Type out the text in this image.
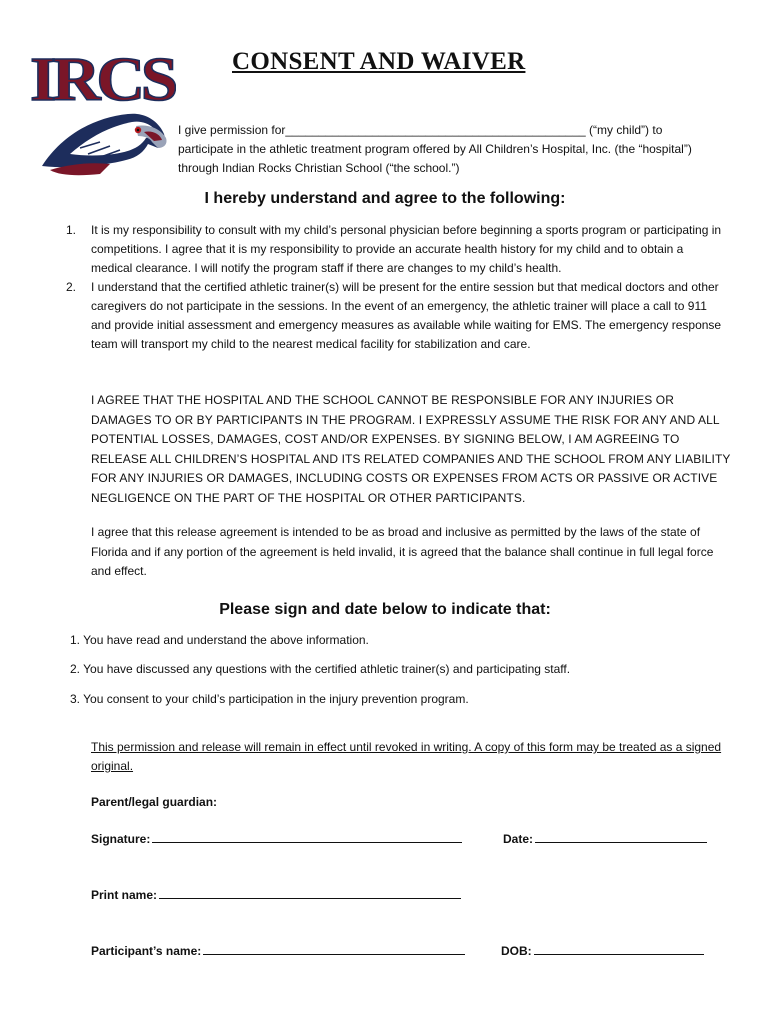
IRCS CONSENT AND WAIVER

I give permission for_____________________________________________ (“my child”) to participate in the athletic treatment program offered by All Children’s Hospital, Inc. (the “hospital”) through Indian Rocks Christian School (“the school.”)

I hereby understand and agree to the following:
1. It is my responsibility to consult with my child’s personal physician before beginning a sports program or participating in competitions. I agree that it is my responsibility to provide an accurate health history for my child and to obtain a medical clearance. I will notify the program staff if there are changes to my child’s health.
2. I understand that the certified athletic trainer(s) will be present for the entire session but that medical doctors and other caregivers do not participate in the sessions. In the event of an emergency, the athletic trainer will place a call to 911 and provide initial assessment and emergency measures as available while waiting for EMS. The emergency response team will transport my child to the nearest medical facility for stabilization and care.

I AGREE THAT THE HOSPITAL AND THE SCHOOL CANNOT BE RESPONSIBLE FOR ANY INJURIES OR DAMAGES TO OR BY PARTICIPANTS IN THE PROGRAM. I EXPRESSLY ASSUME THE RISK FOR ANY AND ALL POTENTIAL LOSSES, DAMAGES, COST AND/OR EXPENSES. BY SIGNING BELOW, I AM AGREEING TO RELEASE ALL CHILDREN’S HOSPITAL AND ITS RELATED COMPANIES AND THE SCHOOL FROM ANY LIABILITY FOR ANY INJURIES OR DAMAGES, INCLUDING COSTS OR EXPENSES FROM ACTS OR PASSIVE OR ACTIVE NEGLIGENCE ON THE PART OF THE HOSPITAL OR OTHER PARTICIPANTS.

I agree that this release agreement is intended to be as broad and inclusive as permitted by the laws of the state of Florida and if any portion of the agreement is held invalid, it is agreed that the balance shall continue in full legal force and effect.

Please sign and date below to indicate that:

1. You have read and understand the above information.

2. You have discussed any questions with the certified athletic trainer(s) and participating staff.

3. You consent to your child’s participation in the injury prevention program.

This permission and release will remain in effect until revoked in writing. A copy of this form may be treated as a signed original.

Parent/legal guardian:

Signature:	Date:
Print name:
Participant’s name:	DOB:
